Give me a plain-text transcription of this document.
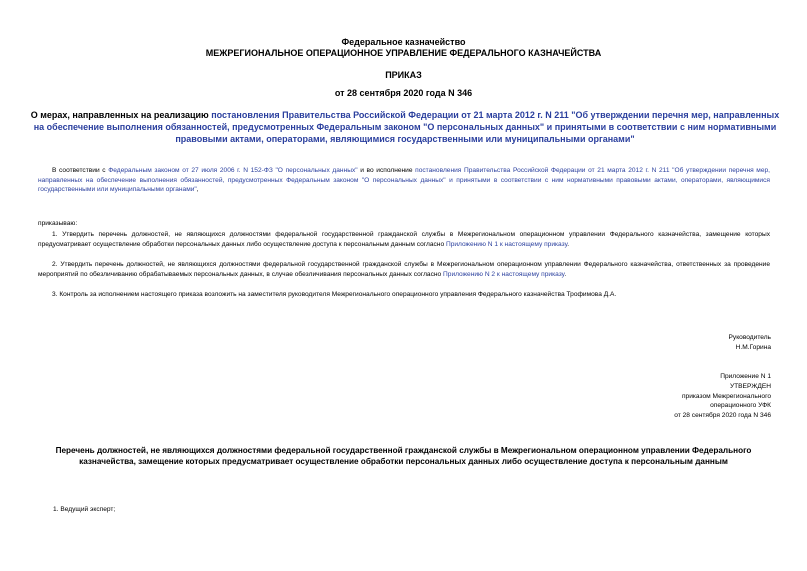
Федеральное казначейство
МЕЖРЕГИОНАЛЬНОЕ ОПЕРАЦИОННОЕ УПРАВЛЕНИЕ ФЕДЕРАЛЬНОГО КАЗНАЧЕЙСТВА
ПРИКАЗ
от 28 сентября 2020 года N 346
О мерах, направленных на реализацию постановления Правительства Российской Федерации от 21 марта 2012 г. N 211 "Об утверждении перечня мер, направленных на обеспечение выполнения обязанностей, предусмотренных Федеральным законом "О персональных данных" и принятыми в соответствии с ним нормативными правовыми актами, операторами, являющимися государственными или муниципальными органами"
В соответствии с Федеральным законом от 27 июля 2006 г. N 152-ФЗ "О персональных данных" и во исполнение постановления Правительства Российской Федерации от 21 марта 2012 г. N 211 "Об утверждении перечня мер, направленных на обеспечение выполнения обязанностей, предусмотренных Федеральным законом "О персональных данных" и принятыми в соответствии с ним нормативными правовыми актами, операторами, являющимися государственными или муниципальными органами",
приказываю:
1. Утвердить перечень должностей, не являющихся должностями федеральной государственной гражданской службы в Межрегиональном операционном управлении Федерального казначейства, замещение которых предусматривает осуществление обработки персональных данных либо осуществление доступа к персональным данным согласно Приложению N 1 к настоящему приказу.
2. Утвердить перечень должностей, не являющихся должностями федеральной государственной гражданской службы в Межрегиональном операционном управлении Федерального казначейства, ответственных за проведение мероприятий по обезличиванию обрабатываемых персональных данных, в случае обезличивания персональных данных согласно Приложению N 2 к настоящему приказу.
3. Контроль за исполнением настоящего приказа возложить на заместителя руководителя Межрегионального операционного управления Федерального казначейства Трофимова Д.А.
Руководитель
Н.М.Горина
Приложение N 1
УТВЕРЖДЕН
приказом Межрегионального
операционного УФК
от 28 сентября 2020 года N 346
Перечень должностей, не являющихся должностями федеральной государственной гражданской службы в Межрегиональном операционном управлении Федерального казначейства, замещение которых предусматривает осуществление обработки персональных данных либо осуществление доступа к персональным данным
1. Ведущий эксперт;
